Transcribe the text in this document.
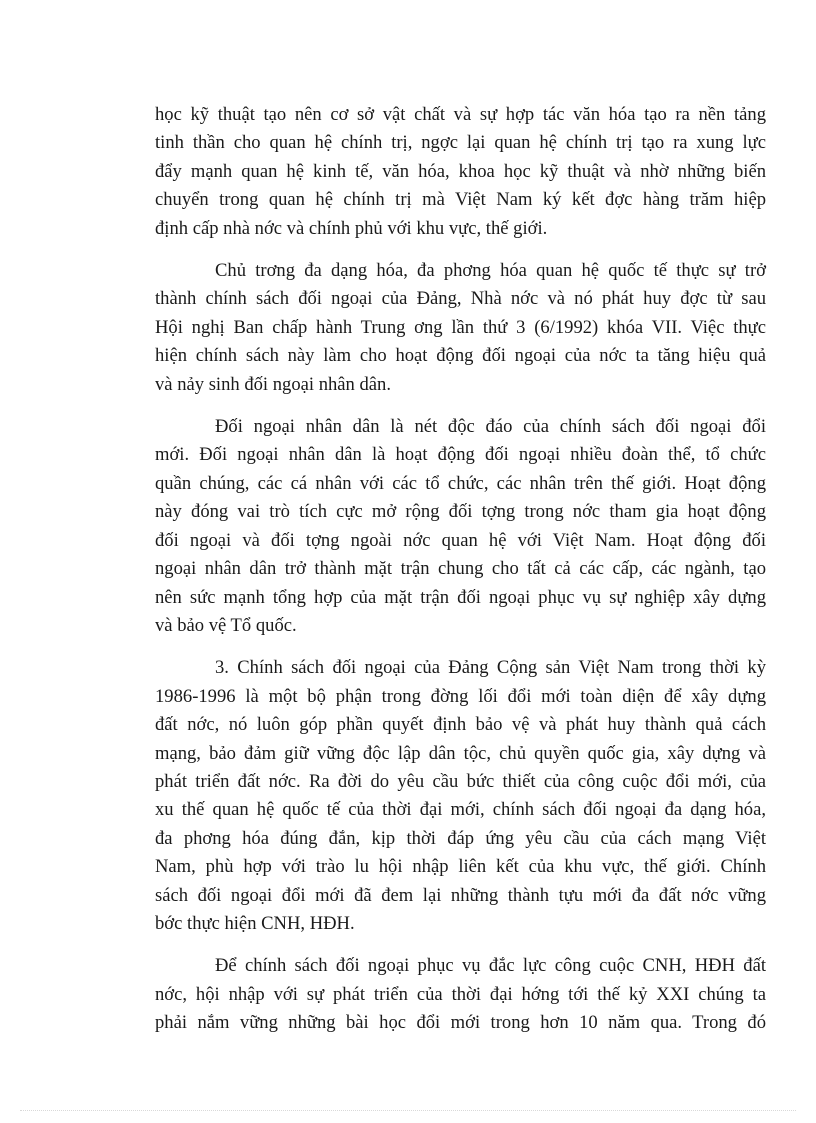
học kỹ thuật tạo nên cơ sở vật chất và sự hợp tác văn hóa tạo ra nền tảng
tinh thần cho quan hệ chính trị, ngợc lại quan hệ chính trị tạo ra xung lực
đẩy mạnh quan hệ kinh tế, văn hóa, khoa học kỹ thuật và nhờ những biến
chuyển trong quan hệ chính trị mà Việt Nam ký kết đợc hàng trăm hiệp
định cấp nhà nớc và chính phủ với khu vực, thế giới.
Chủ trơng đa dạng hóa, đa phơng hóa quan hệ quốc tế thực sự trở
thành chính sách đối ngoại của Đảng, Nhà nớc và nó phát huy đợc từ sau
Hội nghị Ban chấp hành Trung ơng lần thứ 3 (6/1992) khóa VII. Việc thực
hiện chính sách này làm cho hoạt động đối ngoại của nớc ta tăng hiệu quả
và nảy sinh đối ngoại nhân dân.
Đối ngoại nhân dân là nét độc đáo của chính sách đối ngoại đổi
mới. Đối ngoại nhân dân là hoạt động đối ngoại nhiều đoàn thể, tổ chức
quần chúng, các cá nhân với các tổ chức, các nhân trên thế giới. Hoạt động
này đóng vai trò tích cực mở rộng đối tợng trong nớc tham gia hoạt động
đối ngoại và đối tợng ngoài nớc quan hệ với Việt Nam. Hoạt động đối
ngoại nhân dân trở thành mặt trận chung cho tất cả các cấp, các ngành, tạo
nên sức mạnh tổng hợp của mặt trận đối ngoại phục vụ sự nghiệp xây dựng
và bảo vệ Tổ quốc.
3. Chính sách đối ngoại của Đảng Cộng sản Việt Nam trong thời kỳ
1986-1996 là một bộ phận trong đờng lối đổi mới toàn diện để xây dựng
đất nớc, nó luôn góp phần quyết định bảo vệ và phát huy thành quả cách
mạng, bảo đảm giữ vững độc lập dân tộc, chủ quyền quốc gia, xây dựng và
phát triển đất nớc. Ra đời do yêu cầu bức thiết của công cuộc đổi mới, của
xu thế quan hệ quốc tế của thời đại mới, chính sách đối ngoại đa dạng hóa,
đa phơng hóa đúng đắn, kịp thời đáp ứng yêu cầu của cách mạng Việt
Nam, phù hợp với trào lu hội nhập liên kết của khu vực, thế giới. Chính
sách đối ngoại đổi mới đã đem lại những thành tựu mới đa đất nớc vững
bớc thực hiện CNH, HĐH.
Để chính sách đối ngoại phục vụ đắc lực công cuộc CNH, HĐH đất
nớc, hội nhập với sự phát triển của thời đại hớng tới thế kỷ XXI chúng ta
phải nắm vững những bài học đổi mới trong hơn 10 năm qua. Trong đó
